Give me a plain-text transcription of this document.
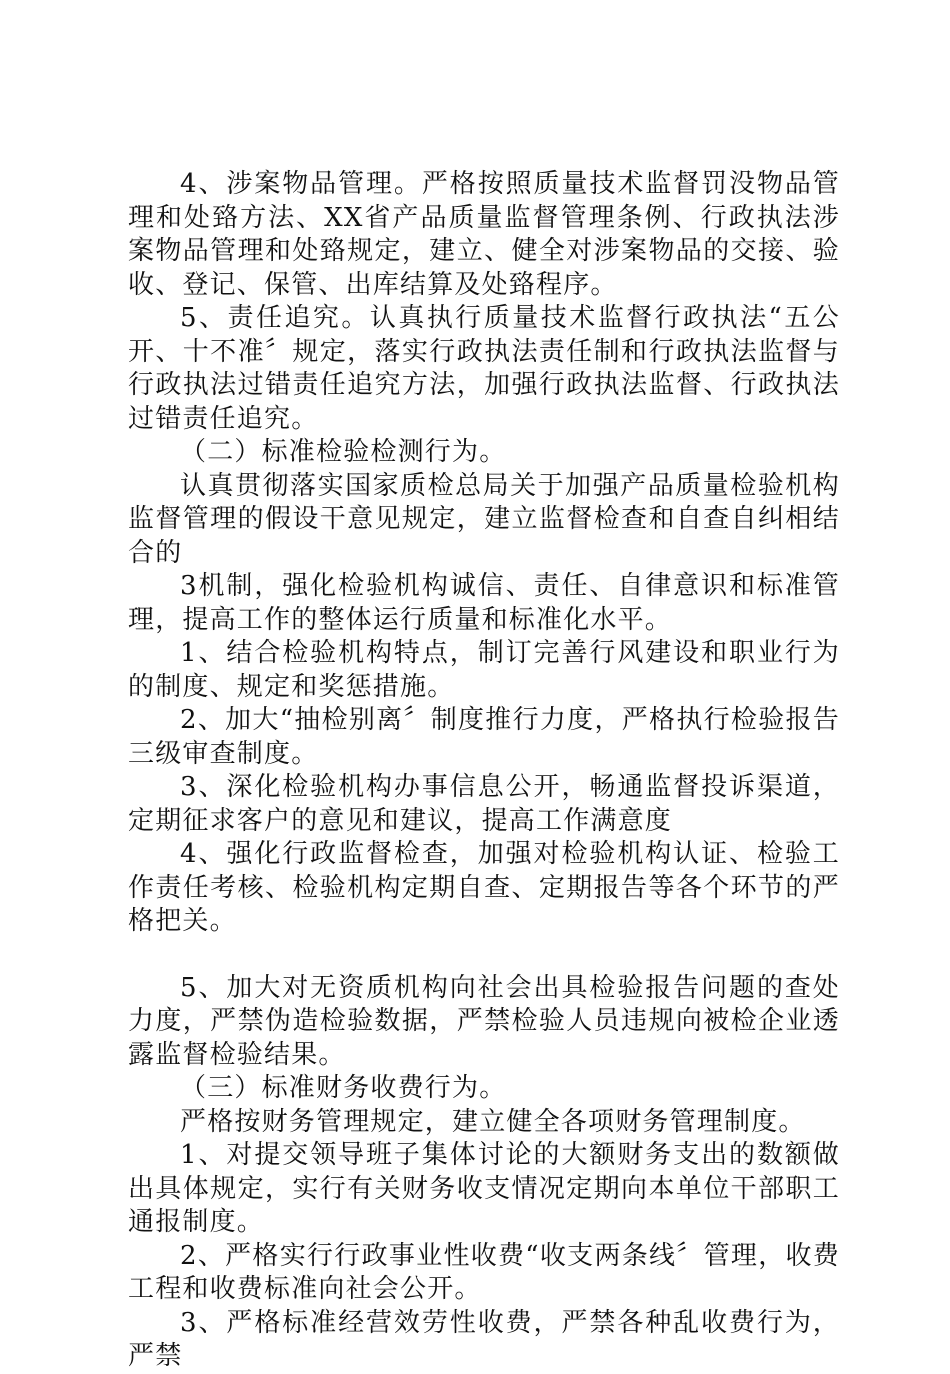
4、涉案物品管理。严格按照质量技术监督罚没物品管理和处臵方法、XX省产品质量监督管理条例、行政执法涉案物品管理和处臵规定，建立、健全对涉案物品的交接、验收、登记、保管、出库结算及处臵程序。

5、责任追究。认真执行质量技术监督行政执法“五公开、十不准〞规定，落实行政执法责任制和行政执法监督与行政执法过错责任追究方法，加强行政执法监督、行政执法过错责任追究。

（二）标准检验检测行为。

认真贯彻落实国家质检总局关于加强产品质量检验机构监督管理的假设干意见规定，建立监督检查和自查自纠相结合的

3机制，强化检验机构诚信、责任、自律意识和标准管理，提高工作的整体运行质量和标准化水平。

1、结合检验机构特点，制订完善行风建设和职业行为的制度、规定和奖惩措施。

2、加大“抽检别离〞制度推行力度，严格执行检验报告三级审查制度。

3、深化检验机构办事信息公开，畅通监督投诉渠道，定期征求客户的意见和建议，提高工作满意度

4、强化行政监督检查，加强对检验机构认证、检验工作责任考核、检验机构定期自查、定期报告等各个环节的严格把关。

5、加大对无资质机构向社会出具检验报告问题的查处力度，严禁伪造检验数据，严禁检验人员违规向被检企业透露监督检验结果。

（三）标准财务收费行为。

严格按财务管理规定，建立健全各项财务管理制度。

1、对提交领导班子集体讨论的大额财务支出的数额做出具体规定，实行有关财务收支情况定期向本单位干部职工通报制度。

2、严格实行行政事业性收费“收支两条线〞管理，收费工程和收费标准向社会公开。

3、严格标准经营效劳性收费，严禁各种乱收费行为，严禁
